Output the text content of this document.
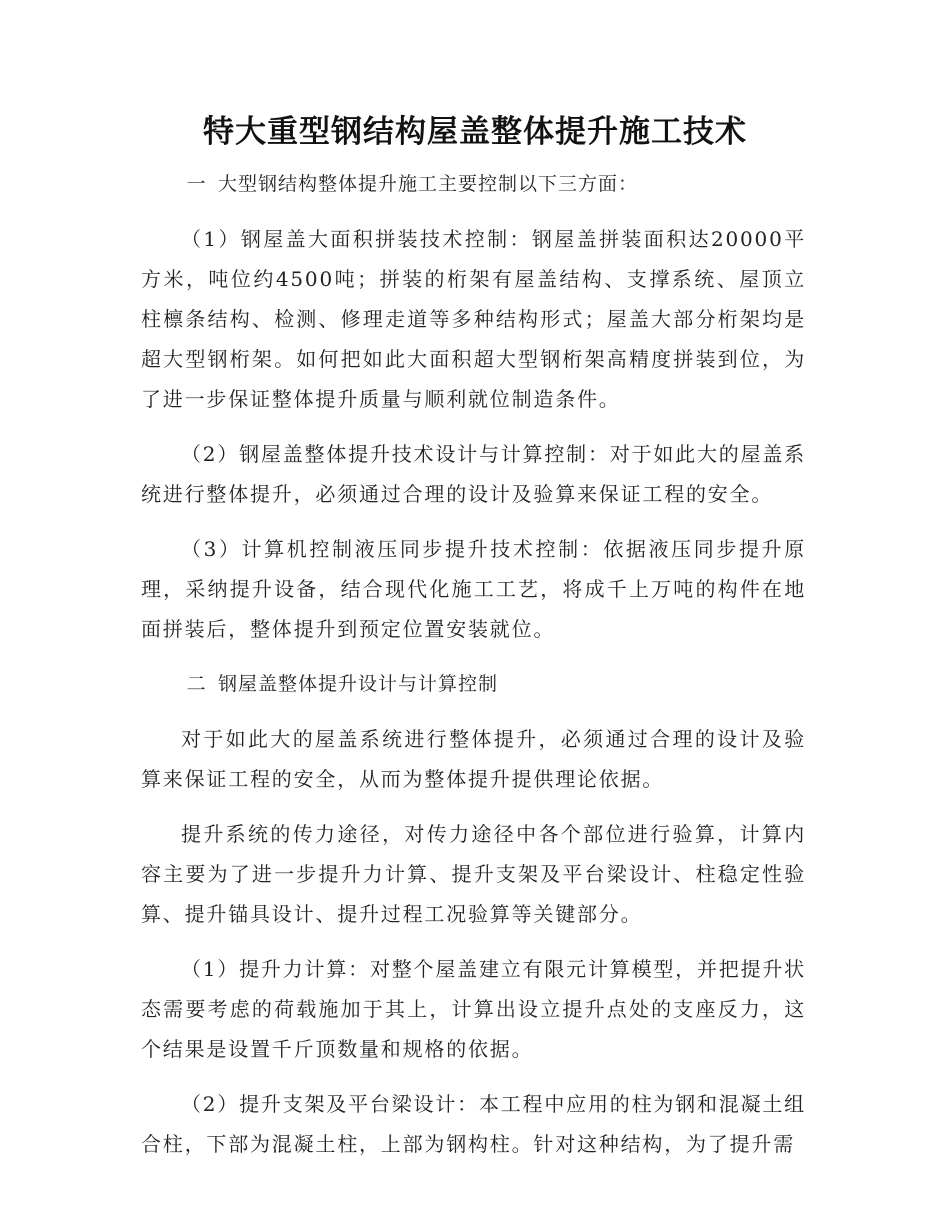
特大重型钢结构屋盖整体提升施工技术
一 大型钢结构整体提升施工主要控制以下三方面：

（1）钢屋盖大面积拼装技术控制：钢屋盖拼装面积达20000平方米，吨位约4500吨；拼装的桁架有屋盖结构、支撑系统、屋顶立柱檩条结构、检测、修理走道等多种结构形式；屋盖大部分桁架均是超大型钢桁架。如何把如此大面积超大型钢桁架高精度拼装到位，为了进一步保证整体提升质量与顺利就位制造条件。

（2）钢屋盖整体提升技术设计与计算控制：对于如此大的屋盖系统进行整体提升，必须通过合理的设计及验算来保证工程的安全。

（3）计算机控制液压同步提升技术控制：依据液压同步提升原理，采纳提升设备，结合现代化施工工艺，将成千上万吨的构件在地面拼装后，整体提升到预定位置安装就位。

二 钢屋盖整体提升设计与计算控制

对于如此大的屋盖系统进行整体提升，必须通过合理的设计及验算来保证工程的安全，从而为整体提升提供理论依据。

提升系统的传力途径，对传力途径中各个部位进行验算，计算内容主要为了进一步提升力计算、提升支架及平台梁设计、柱稳定性验算、提升锚具设计、提升过程工况验算等关键部分。

（1）提升力计算：对整个屋盖建立有限元计算模型，并把提升状态需要考虑的荷载施加于其上，计算出设立提升点处的支座反力，这个结果是设置千斤顶数量和规格的依据。

（2）提升支架及平台梁设计：本工程中应用的柱为钢和混凝土组合柱，下部为混凝土柱，上部为钢构柱。针对这种结构，为了提升需
